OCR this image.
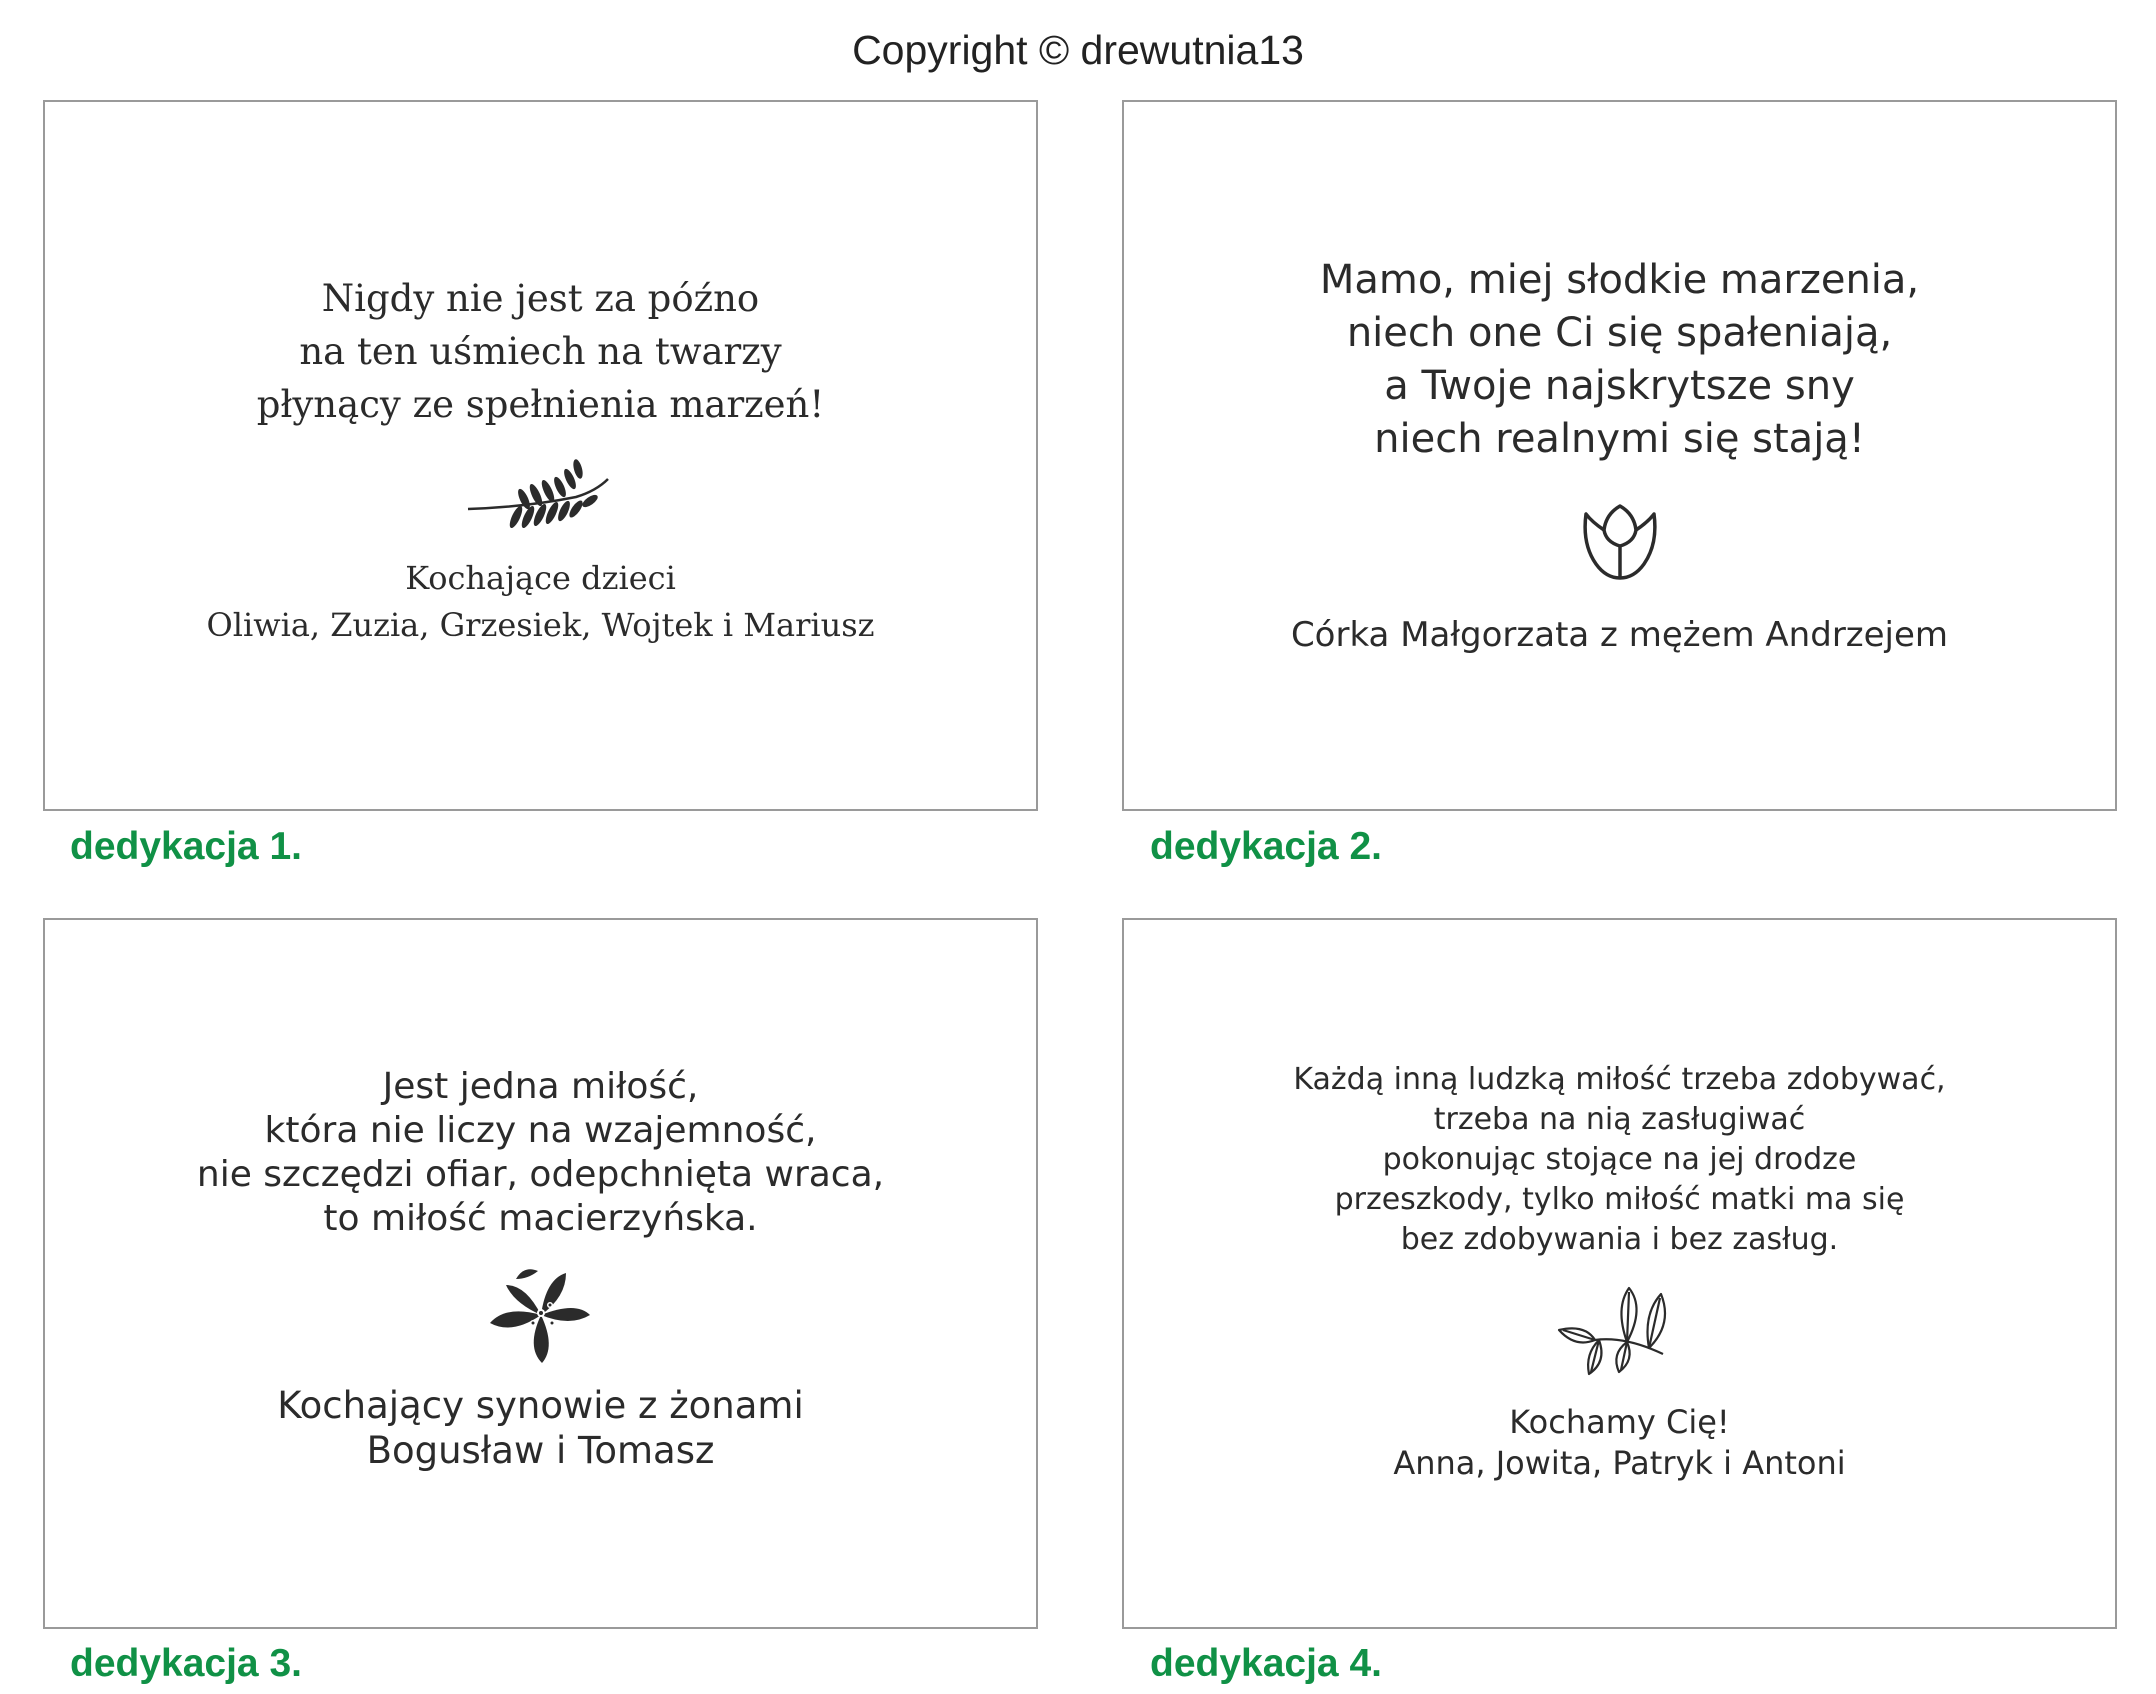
Copyright © drewutnia13

Nigdy nie jest za późno

na ten uśmiech na twarzy

płynący ze spełnienia marzeń!

Kochające dzieci

Oliwia, Zuzia, Grzesiek, Wojtek i Mariusz

dedykacja 1.

Mamo, miej słodkie marzenia,

niech one Ci się spałeniają,

a Twoje najskrytsze sny

niech realnymi się stają!

Córka Małgorzata z mężem Andrzejem

dedykacja 2.

Jest jedna miłość,

która nie liczy na wzajemność,

nie szczędzi ofiar, odepchnięta wraca,

to miłość macierzyńska.

Kochający synowie z żonami

Bogusław i Tomasz

dedykacja 3.

Każdą inną ludzką miłość trzeba zdobywać,

trzeba na nią zasługiwać

pokonując stojące na jej drodze

przeszkody, tylko miłość matki ma się

bez zdobywania i bez zasług.

Kochamy Cię!

Anna, Jowita, Patryk i Antoni

dedykacja 4.
